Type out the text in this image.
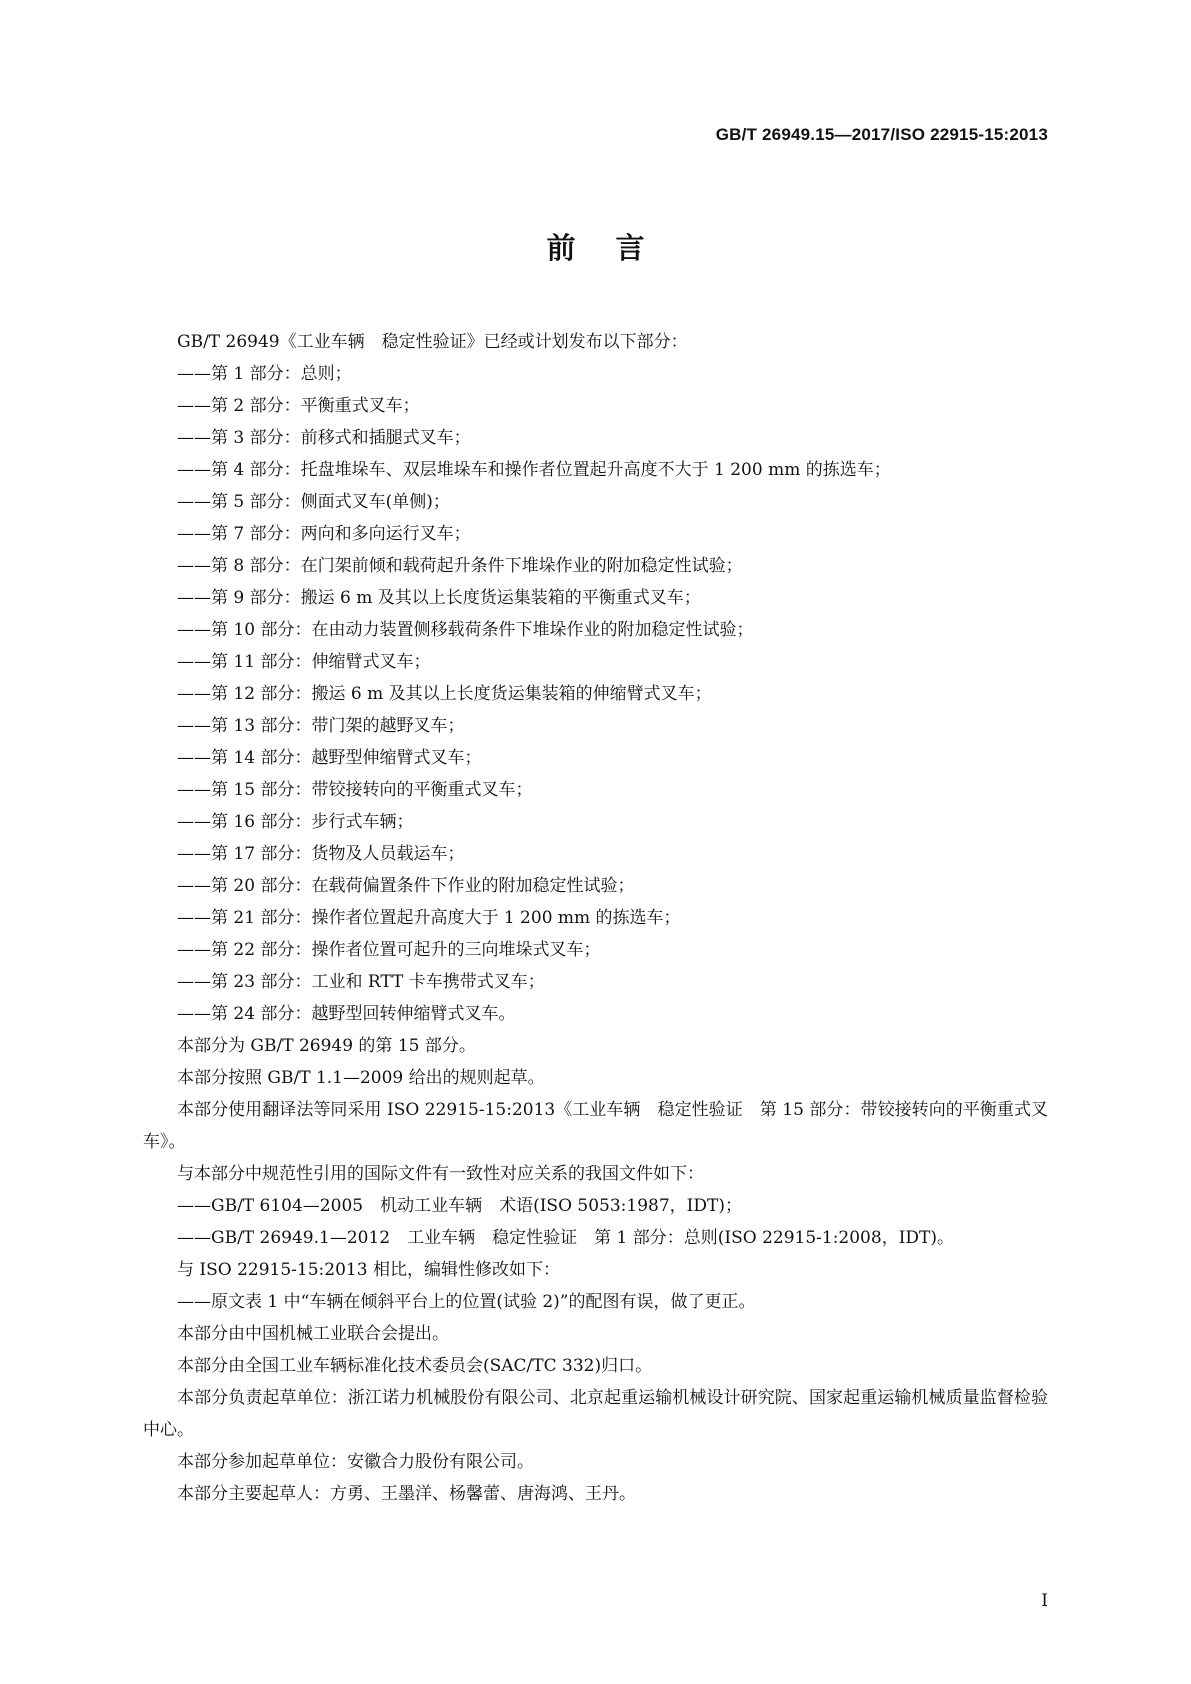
GB/T 26949.15—2017/ISO 22915-15:2013
前言
GB/T 26949《工业车辆　稳定性验证》已经或计划发布以下部分：
——第 1 部分：总则；
——第 2 部分：平衡重式叉车；
——第 3 部分：前移式和插腿式叉车；
——第 4 部分：托盘堆垛车、双层堆垛车和操作者位置起升高度不大于 1 200 mm 的拣选车；
——第 5 部分：侧面式叉车(单侧)；
——第 7 部分：两向和多向运行叉车；
——第 8 部分：在门架前倾和载荷起升条件下堆垛作业的附加稳定性试验；
——第 9 部分：搬运 6 m 及其以上长度货运集装箱的平衡重式叉车；
——第 10 部分：在由动力装置侧移载荷条件下堆垛作业的附加稳定性试验；
——第 11 部分：伸缩臂式叉车；
——第 12 部分：搬运 6 m 及其以上长度货运集装箱的伸缩臂式叉车；
——第 13 部分：带门架的越野叉车；
——第 14 部分：越野型伸缩臂式叉车；
——第 15 部分：带铰接转向的平衡重式叉车；
——第 16 部分：步行式车辆；
——第 17 部分：货物及人员载运车；
——第 20 部分：在载荷偏置条件下作业的附加稳定性试验；
——第 21 部分：操作者位置起升高度大于 1 200 mm 的拣选车；
——第 22 部分：操作者位置可起升的三向堆垛式叉车；
——第 23 部分：工业和 RTT 卡车携带式叉车；
——第 24 部分：越野型回转伸缩臂式叉车。
本部分为 GB/T 26949 的第 15 部分。
本部分按照 GB/T 1.1—2009 给出的规则起草。
本部分使用翻译法等同采用 ISO 22915-15:2013《工业车辆　稳定性验证　第 15 部分：带铰接转向的平衡重式叉车》。
与本部分中规范性引用的国际文件有一致性对应关系的我国文件如下：
——GB/T 6104—2005　机动工业车辆　术语(ISO 5053:1987，IDT)；
——GB/T 26949.1—2012　工业车辆　稳定性验证　第 1 部分：总则(ISO 22915-1:2008，IDT)。
与 ISO 22915-15:2013 相比，编辑性修改如下：
——原文表 1 中“车辆在倾斜平台上的位置(试验 2)”的配图有误，做了更正。
本部分由中国机械工业联合会提出。
本部分由全国工业车辆标准化技术委员会(SAC/TC 332)归口。
本部分负责起草单位：浙江诺力机械股份有限公司、北京起重运输机械设计研究院、国家起重运输机械质量监督检验中心。
本部分参加起草单位：安徽合力股份有限公司。
本部分主要起草人：方勇、王墨洋、杨馨蕾、唐海鸿、王丹。
I
